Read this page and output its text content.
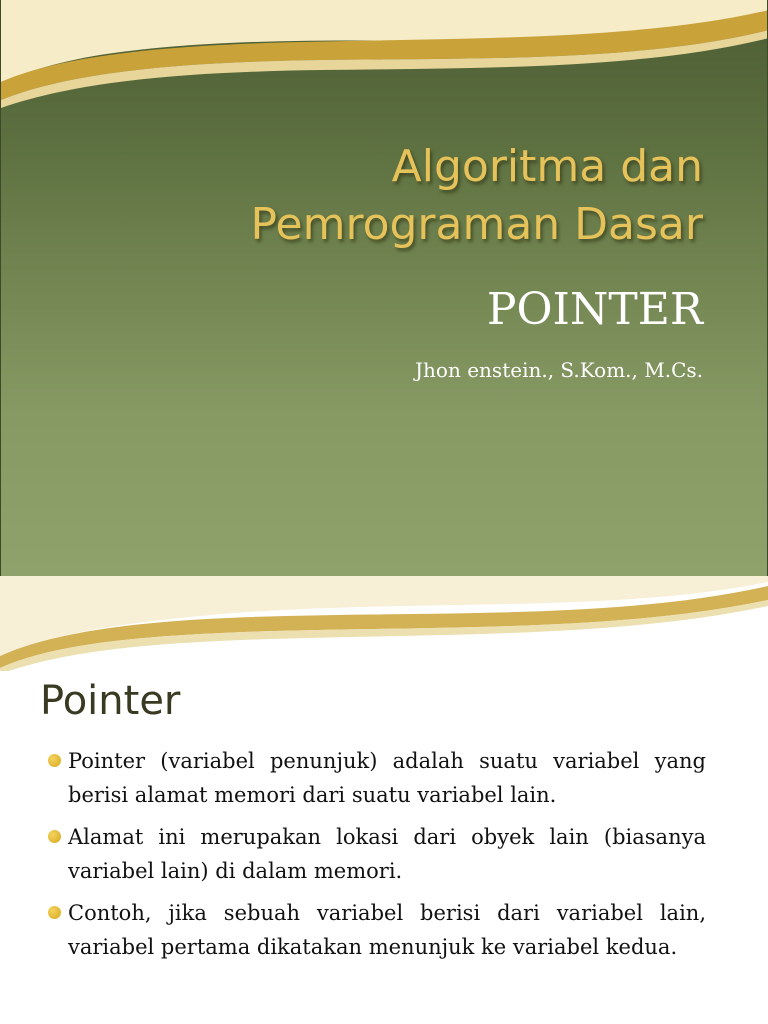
Algoritma dan
Pemrograman Dasar

POINTER

Jhon enstein., S.Kom., M.Cs.

Pointer
Pointer (variabel penunjuk) adalah suatu variabel yang berisi alamat memori dari suatu variabel lain.
Alamat ini merupakan lokasi dari obyek lain (biasanya variabel lain) di dalam memori.
Contoh, jika sebuah variabel berisi dari variabel lain, variabel pertama dikatakan menunjuk ke variabel kedua.
